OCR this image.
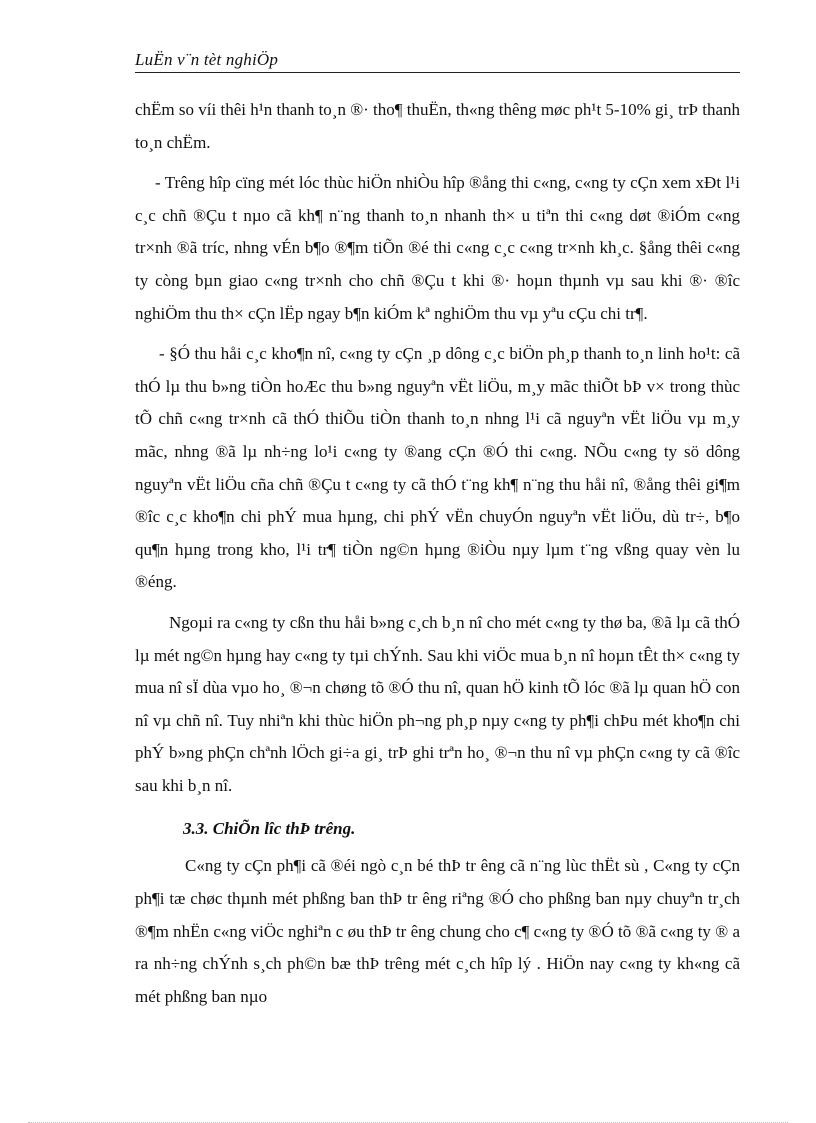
LuËn v¨n tèt nghiÖp

chËm so víi thêi h¹n thanh to¸n ®· tho¶ thuËn, th«ng thêng møc ph¹t 5-10% gi¸ trÞ thanh to¸n chËm.

- Trêng hîp cïng mét lóc thùc hiÖn nhiÒu hîp ®ång thi c«ng, c«ng ty cÇn xem xÐt l¹i c¸c chñ ®Çu t nµo cã kh¶ n¨ng thanh to¸n nhanh th× u tiªn thi c«ng døt ®iÓm c«ng tr×nh ®ã tríc, nhng vÉn b¶o ®¶m tiÕn ®é thi c«ng c¸c c«ng tr×nh kh¸c. §ång thêi c«ng ty còng bµn giao c«ng tr×nh cho chñ ®Çu t khi ®· hoµn thµnh vµ sau khi ®· ®îc nghiÖm thu th× cÇn lËp ngay b¶n kiÓm kª nghiÖm thu vµ yªu cÇu chi tr¶.

- §Ó thu håi c¸c kho¶n nî, c«ng ty cÇn ¸p dông c¸c biÖn ph¸p thanh to¸n linh ho¹t: cã thÓ lµ thu b»ng tiÒn hoÆc thu b»ng nguyªn vËt liÖu, m¸y mãc thiÕt bÞ v× trong thùc tÕ chñ c«ng tr×nh cã thÓ thiÕu tiÒn thanh to¸n nhng l¹i cã nguyªn vËt liÖu vµ m¸y mãc, nhng ®ã lµ nh÷ng lo¹i c«ng ty ®ang cÇn ®Ó thi c«ng. NÕu c«ng ty sö dông nguyªn vËt liÖu cña chñ ®Çu t c«ng ty cã thÓ t¨ng kh¶ n¨ng thu håi nî, ®ång thêi gi¶m ®îc c¸c kho¶n chi phÝ mua hµng, chi phÝ vËn chuyÓn nguyªn vËt liÖu, dù tr÷, b¶o qu¶n hµng trong kho, l¹i tr¶ tiÒn ng©n hµng ®iÒu nµy lµm t¨ng vßng quay vèn lu ®éng.

Ngoµi ra c«ng ty cßn thu håi b»ng c¸ch b¸n nî cho mét c«ng ty thø ba, ®ã lµ cã thÓ lµ mét ng©n hµng hay c«ng ty tµi chÝnh. Sau khi viÖc mua b¸n nî hoµn tÊt th× c«ng ty mua nî sÏ dùa vµo ho¸ ®¬n chøng tõ ®Ó thu nî, quan hÖ kinh tÕ lóc ®ã lµ quan hÖ con nî vµ chñ nî. Tuy nhiªn khi thùc hiÖn ph¬ng ph¸p nµy c«ng ty ph¶i chÞu mét kho¶n chi phÝ b»ng phÇn chªnh lÖch gi÷a gi¸ trÞ ghi trªn ho¸ ®¬n thu nî vµ phÇn c«ng ty cã ®îc sau khi b¸n nî.

3.3. ChiÕn lîc thÞ trêng.

C«ng ty cÇn ph¶i cã ®éi ngò c¸n bé thÞ tr êng cã n¨ng lùc thËt sù , C«ng ty cÇn ph¶i tæ chøc thµnh mét phßng ban thÞ tr êng riªng ®Ó cho phßng ban nµy chuyªn tr¸ch ®¶m nhËn c«ng viÖc nghiªn c øu thÞ tr êng chung cho c¶ c«ng ty ®Ó tõ ®ã c«ng ty ® a ra nh÷ng chÝnh s¸ch ph©n bæ thÞ trêng mét c¸ch hîp lý . HiÖn nay c«ng ty kh«ng cã mét phßng ban nµo
